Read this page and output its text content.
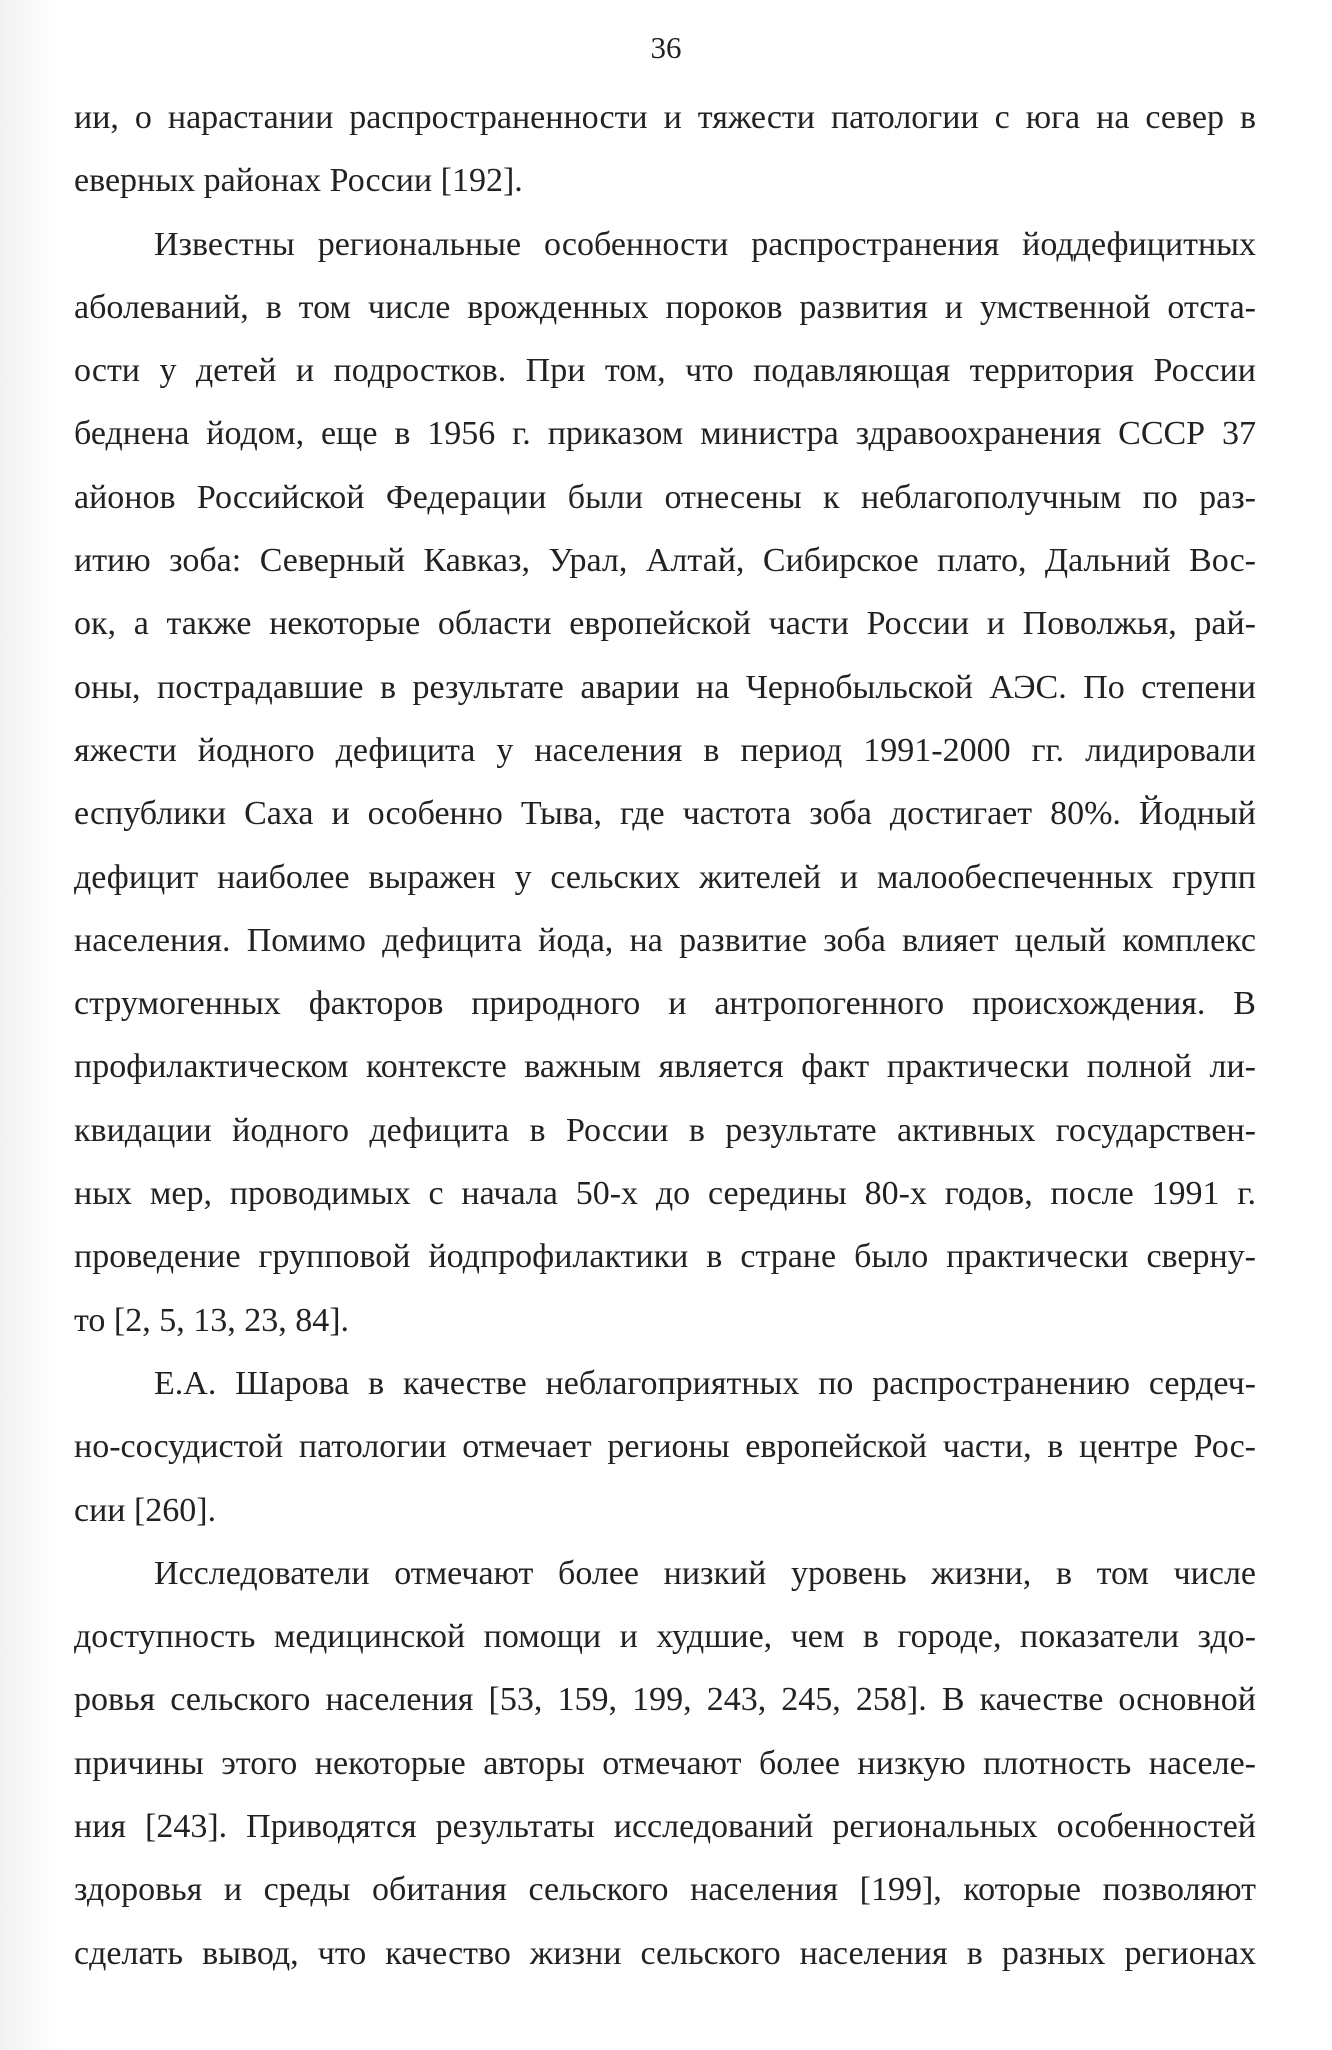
36
ии, о нарастании распространенности и тяжести патологии с юга на север в
еверных районах России [192].
Известны региональные особенности распространения йоддефицитных
аболеваний, в том числе врожденных пороков развития и умственной отста-
ости у детей и подростков. При том, что подавляющая территория России
беднена йодом, еще в 1956 г. приказом министра здравоохранения СССР 37
айонов Российской Федерации были отнесены к неблагополучным по раз-
итию зоба: Северный Кавказ, Урал, Алтай, Сибирское плато, Дальний Вос-
ок, а также некоторые области европейской части России и Поволжья, рай-
оны, пострадавшие в результате аварии на Чернобыльской АЭС. По степени
яжести йодного дефицита у населения в период 1991-2000 гг. лидировали
еспублики Саха и особенно Тыва, где частота зоба достигает 80%. Йодный
дефицит наиболее выражен у сельских жителей и малообеспеченных групп
населения. Помимо дефицита йода, на развитие зоба влияет целый комплекс
струмогенных факторов природного и антропогенного происхождения. В
профилактическом контексте важным является факт практически полной ли-
квидации йодного дефицита в России в результате активных государствен-
ных мер, проводимых с начала 50-х до середины 80-х годов, после 1991 г.
проведение групповой йодпрофилактики в стране было практически сверну-
то [2, 5, 13, 23, 84].
Е.А. Шарова в качестве неблагоприятных по распространению сердеч-
но-сосудистой патологии отмечает регионы европейской части, в центре Рос-
сии [260].
Исследователи отмечают более низкий уровень жизни, в том числе
доступность медицинской помощи и худшие, чем в городе, показатели здо-
ровья сельского населения [53, 159, 199, 243, 245, 258]. В качестве основной
причины этого некоторые авторы отмечают более низкую плотность населе-
ния [243]. Приводятся результаты исследований региональных особенностей
здоровья и среды обитания сельского населения [199], которые позволяют
сделать вывод, что качество жизни сельского населения в разных регионах
